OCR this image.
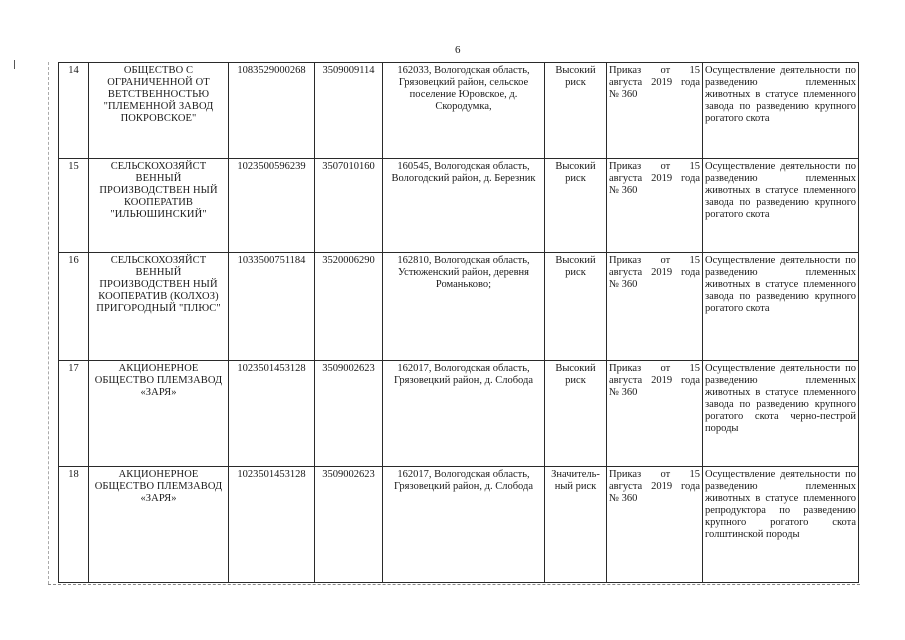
6
14	ОБЩЕСТВО С ОГРАНИЧЕННОЙ ОТ ВЕТСТВЕННОСТЬЮ "ПЛЕМЕННОЙ ЗАВОД ПОКРОВСКОЕ"	1083529000268	3509009114	162033, Вологодская область, Грязовецкий район, сельское поселение Юровское, д. Скородумка,	Высокий риск	Приказ от 15 августа 2019 года № 360	Осуществление деятельности по разведению племенных животных в статусе племенного завода по разведению крупного рогатого скота
15	СЕЛЬСКОХОЗЯЙСТ ВЕННЫЙ ПРОИЗВОДСТВЕН НЫЙ КООПЕРАТИВ "ИЛЬЮШИНСКИЙ"	1023500596239	3507010160	160545, Вологодская область, Вологодский район, д. Березник	Высокий риск	Приказ от 15 августа 2019 года № 360	Осуществление деятельности по разведению племенных животных в статусе племенного завода по разведению крупного рогатого скота
16	СЕЛЬСКОХОЗЯЙСТ ВЕННЫЙ ПРОИЗВОДСТВЕН НЫЙ КООПЕРАТИВ (КОЛХОЗ) ПРИГОРОДНЫЙ "ПЛЮС"	1033500751184	3520006290	162810, Вологодская область, Устюженский район, деревня Романьково;	Высокий риск	Приказ от 15 августа 2019 года № 360	Осуществление деятельности по разведению племенных животных в статусе племенного завода по разведению крупного рогатого скота
17	АКЦИОНЕРНОЕ ОБЩЕСТВО ПЛЕМЗАВОД «ЗАРЯ»	1023501453128	3509002623	162017, Вологодская область, Грязовецкий район, д. Слобода	Высокий риск	Приказ от 15 августа 2019 года № 360	Осуществление деятельности по разведению племенных животных в статусе племенного завода по разведению крупного рогатого скота черно-пестрой породы
18	АКЦИОНЕРНОЕ ОБЩЕСТВО ПЛЕМЗАВОД «ЗАРЯ»	1023501453128	3509002623	162017, Вологодская область, Грязовецкий район, д. Слобода	Значитель-ный риск	Приказ от 15 августа 2019 года № 360	Осуществление деятельности по разведению племенных животных в статусе племенного репродуктора по разведению крупного рогатого скота голштинской породы
